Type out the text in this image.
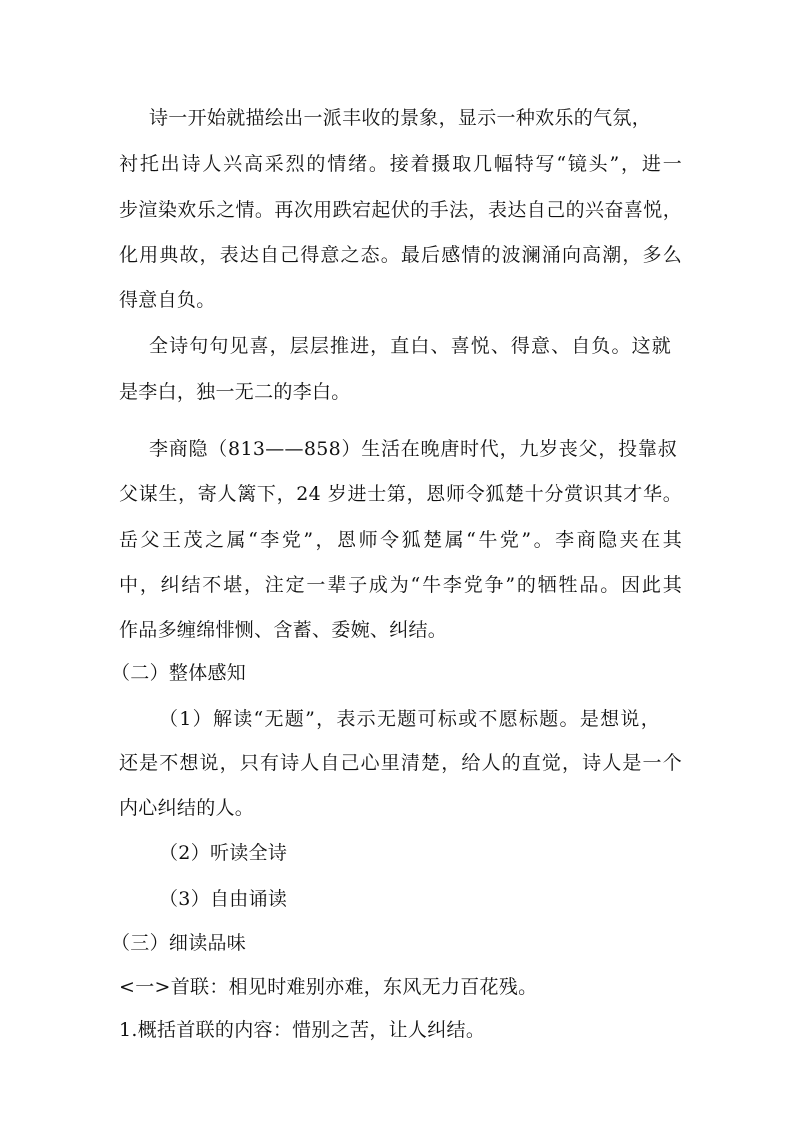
诗一开始就描绘出一派丰收的景象，显示一种欢乐的气氛，
衬托出诗人兴高采烈的情绪。接着摄取几幅特写“镜头”，进一
步渲染欢乐之情。再次用跌宕起伏的手法，表达自己的兴奋喜悦，
化用典故，表达自己得意之态。最后感情的波澜涌向高潮，多么
得意自负。
全诗句句见喜，层层推进，直白、喜悦、得意、自负。这就
是李白，独一无二的李白。
李商隐（813——858）生活在晚唐时代，九岁丧父，投靠叔
父谋生，寄人篱下，24 岁进士第，恩师令狐楚十分赏识其才华。
岳父王茂之属“李党”，恩师令狐楚属“牛党”。李商隐夹在其
中，纠结不堪，注定一辈子成为“牛李党争”的牺牲品。因此其
作品多缠绵悱恻、含蓄、委婉、纠结。
（二）整体感知
（1）解读“无题”，表示无题可标或不愿标题。是想说，
还是不想说，只有诗人自己心里清楚，给人的直觉，诗人是一个
内心纠结的人。
（2）听读全诗
（3）自由诵读
（三）细读品味
<一>首联：相见时难别亦难，东风无力百花残。
1.概括首联的内容：惜别之苦，让人纠结。
